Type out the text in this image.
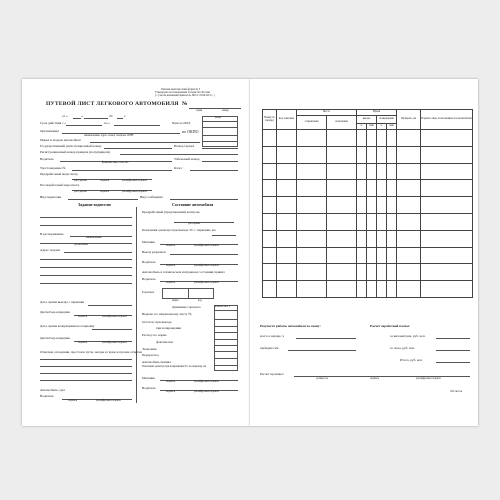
Типовая межотраслевая форма № 3
Утверждена постановлением Госкомстата России
( с учетом изменений приказа № 368 от 18.09.2015 г. )
ПУТЕВОЙ ЛИСТ ЛЕГКОВОГО АВТОМОБИЛЯ №
серия	номер
от «	»	20	г.
Срок действия с «	по «
Коды
Форма по ОКУД
по ОКПО
Организация
наименование, адрес, номер телефона ОГРН
Марка и модель автомобиля
Государственный регистрационный номер	Номер гаража
Регистрационный номер прицепа (полуприцепа)
Водитель
фамилия, имя, отчество
Табельный номер
Удостоверение №	Класс
Предрейсовый медосмотр
дата, время	подпись	расшифровка подписи
Послерейсовый медосмотр
дата, время	подпись	расшифровка подписи
Вид перевозки	Вид сообщения
Задание водителю	Состояние автомобиля
Предрейсовый (предсменный) контроль
дата время
Показания одометра при выезде ТС с парковки, км
Механик
подпись	расшифровка подписи
Выезд разрешен
Водитель
подпись	расшифровка подписи
Автомобиль в техническом исправном состоянии принял
Водитель
подпись	расшифровка подписи
Горючее
марка	код
Движение горючего	количество, л
Выдано по заправочному листу №
Остаток: при выезде
при возвращении
Расход: по норме
фактически
Экономия
Перерасход
Автомобиль принял
Показания одометра при возвращении ТС на парковку, км
Механик
подпись	расшифровка подписи
Водитель
подпись	расшифровка подписи
В распоряжение
наименование
организации
Адрес подачи
Дата, время выезда с парковки
Диспетчер-нарядчик
подпись	расшифровка подписи
Дата, время возвращения на парковку
Диспетчер-нарядчик
подпись	расшифровка подписи
Отметки, опоздания, простои в пути, заезды в гараж и прочие отметки
Автомобиль сдал
Водитель
подпись	расшифровка подписи
Номер по порядку	Код заказчика	Место		Время				Пройдено, км	Подпись лица, пользовавшегося автомобилем
		отправления	назначения	выезда		возвращения			
				ч.	мин	ч.	мин		

Результат работы автомобиля за смену:	Расчет заработной платы:
всего в наряде, ч
пройдено км
за километраж, руб. коп.
за часы, руб. коп.
Итого, руб. коп.
Расчет произвел
должность	подпись	расшифровка подписи
100 листов
